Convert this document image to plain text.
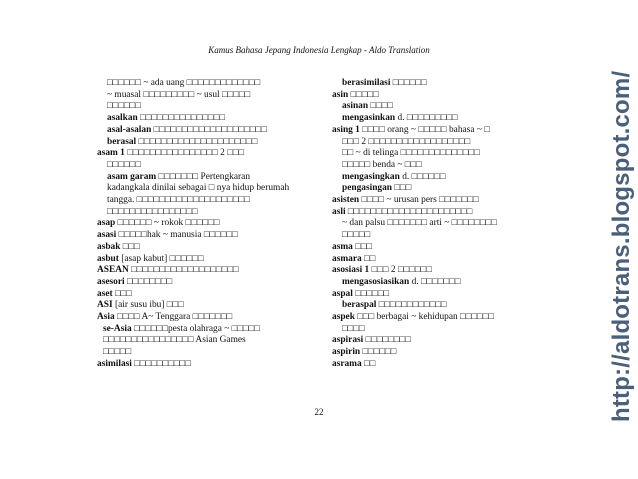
Kamus Bahasa Jepang Indonesia Lengkap - Aldo Translation
□□□□□□ ~ ada uang □□□□□□□□□□□□□
~ muasal □□□□□□□□□ ~ usul □□□□□
□□□□□□
asalkan □□□□□□□□□□□□□□□
asal-asalan □□□□□□□□□□□□□□□□□□□□
berasal □□□□□□□□□□□□□□□□□□□□□
asam 1 □□□□□□□□□□□□□□□□ 2 □□□
□□□□□□
asam garam □□□□□□□ Pertengkaran
kadangkala dinilai sebagai □ nya hidup berumah
tangga. □□□□□□□□□□□□□□□□□□□□
□□□□□□□□□□□□□□□□
asap □□□□□□ ~ rokok □□□□□□
asasi □□□□□hak ~ manusia □□□□□□
asbak □□□
asbut [asap kabut] □□□□□□
ASEAN □□□□□□□□□□□□□□□□□□□
asesori □□□□□□□□
aset □□□
ASI [air susu ibu] □□□
Asia □□□□ A~ Tenggara □□□□□□□
se-Asia □□□□□□pesta olahraga ~ □□□□□
□□□□□□□□□□□□□□□□ Asian Games
□□□□□
asimilasi □□□□□□□□□□
berasimilasi □□□□□□
asin □□□□□
asinan □□□□
mengasinkan d. □□□□□□□□□
asing 1 □□□□ orang ~ □□□□□ bahasa ~ □
□□□ 2 □□□□□□□□□□□□□□□□□□
□□ ~ di telinga □□□□□□□□□□□□□□
□□□□□ benda ~ □□□
mengasingkan d. □□□□□□
pengasingan □□□
asisten □□□□ ~ urusan pers □□□□□□□
asli □□□□□□□□□□□□□□□□□□□□□□
~ dan palsu □□□□□□□ arti ~ □□□□□□□□
□□□□□
asma □□□
asmara □□
asosiasi 1 □□□ 2 □□□□□□
mengasosiasikan d. □□□□□□□
aspal □□□□□□
beraspal □□□□□□□□□□□□
aspek □□□ berbagai ~ kehidupan □□□□□□
□□□□
aspirasi □□□□□□□□
aspirin □□□□□□
asrama □□
22	http://aldotrans.blogspot.com/
